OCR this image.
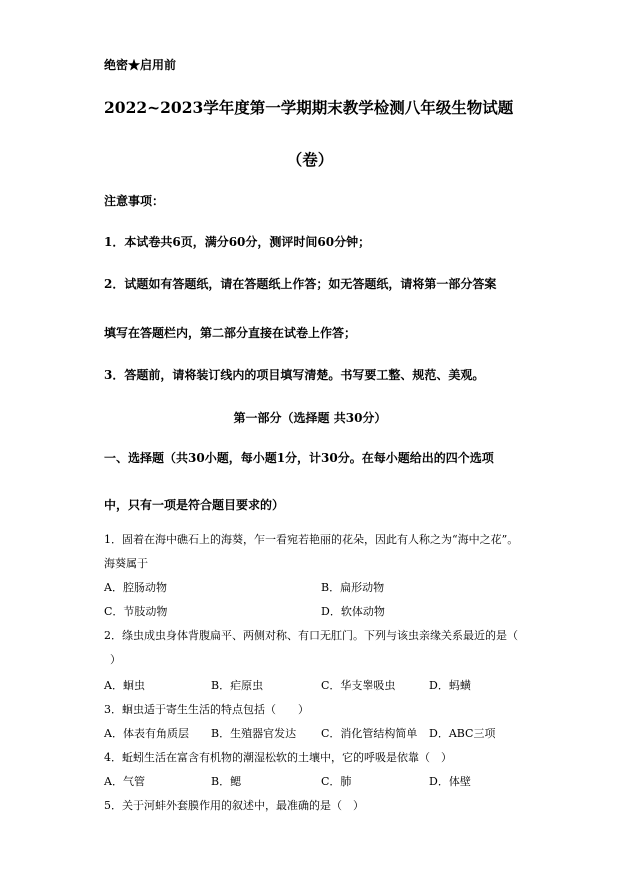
绝密★启用前
2022~2023学年度第一学期期末教学检测八年级生物试题
（卷）
注意事项：
1．本试卷共6页，满分60分，测评时间60分钟；
2．试题如有答题纸，请在答题纸上作答；如无答题纸，请将第一部分答案
填写在答题栏内，第二部分直接在试卷上作答；
3．答题前，请将装订线内的项目填写清楚。书写要工整、规范、美观。
第一部分（选择题 共30分）
一、选择题（共30小题，每小题1分，计30分。在每小题给出的四个选项
中，只有一项是符合题目要求的）
1．固着在海中礁石上的海葵，乍一看宛若艳丽的花朵，因此有人称之为“海中之花”。
海葵属于
A．腔肠动物	B．扁形动物
C．节肢动物	D．软体动物
2．绦虫成虫身体背腹扁平、两侧对称、有口无肛门。下列与该虫亲缘关系最近的是（
）
A．蛔虫	B．疟原虫	C．华支睾吸虫	D．蚂蟥
3．蛔虫适于寄生生活的特点包括（　　）
A．体表有角质层 B．生殖器官发达 C．消化管结构简单 D．ABC三项
4．蚯蚓生活在富含有机物的潮湿松软的土壤中，它的呼吸是依靠（　）
A．气管	B．鳃	C．肺	D．体壁
5．关于河蚌外套膜作用的叙述中，最准确的是（　）
